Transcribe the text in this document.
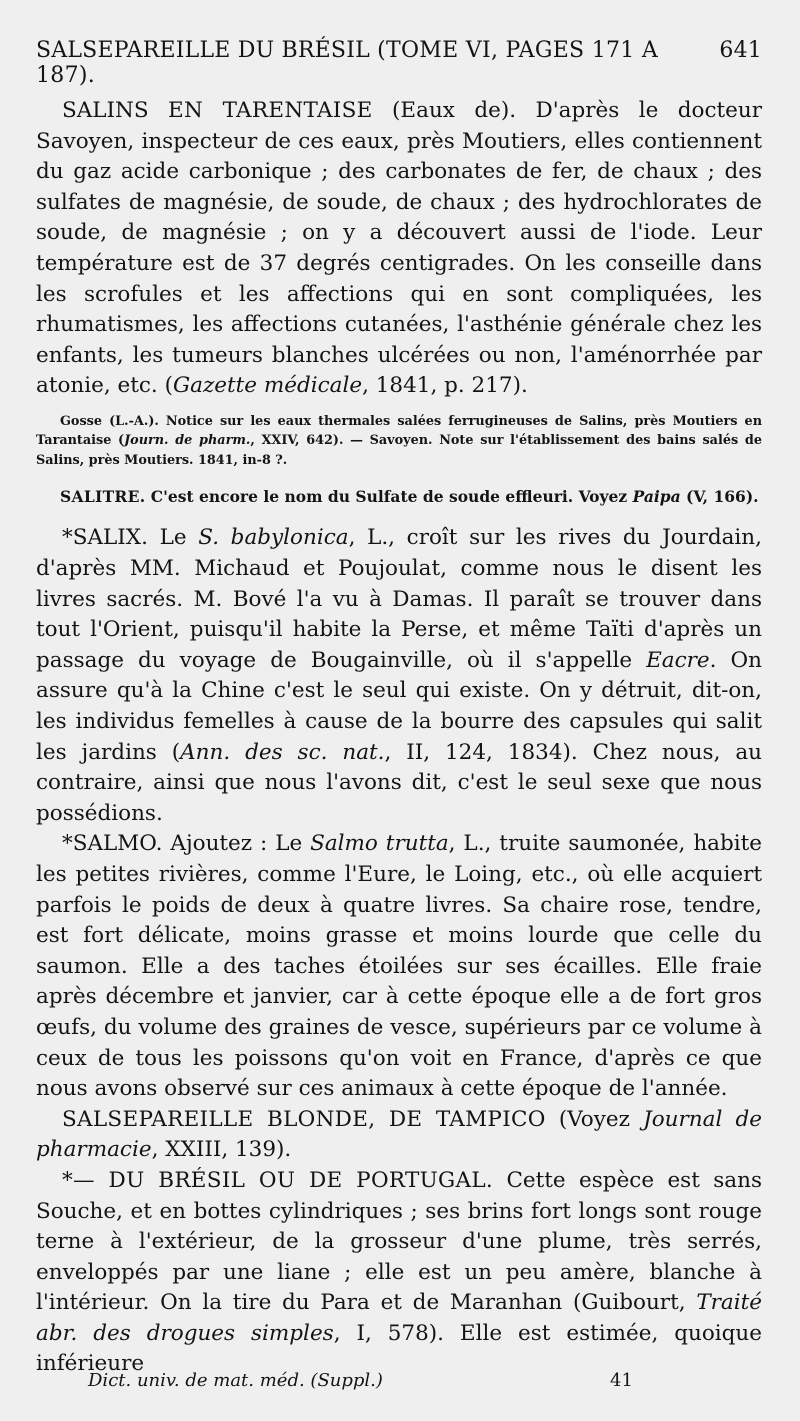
SALSEPAREILLE DU BRÉSIL (TOME VI, PAGES 171 A 187).
641

SALINS EN TARENTAISE (Eaux de). D'après le docteur Savoyen, inspecteur de ces eaux, près Moutiers, elles contiennent du gaz acide carbonique ; des carbonates de fer, de chaux ; des sulfates de magnésie, de soude, de chaux ; des hydrochlorates de soude, de magnésie ; on y a découvert aussi de l'iode. Leur température est de 37 degrés centigrades. On les conseille dans les scrofules et les affections qui en sont compliquées, les rhumatismes, les affections cutanées, l'asthénie générale chez les enfants, les tumeurs blanches ulcérées ou non, l'aménorrhée par atonie, etc. (Gazette médicale, 1841, p. 217).

Gosse (L.-A.). Notice sur les eaux thermales salées ferrugineuses de Salins, près Moutiers en Tarantaise (Journ. de pharm., XXIV, 642). — Savoyen. Note sur l'établissement des bains salés de Salins, près Moutiers. 1841, in-8 ?.

SALITRE. C'est encore le nom du Sulfate de soude effleuri. Voyez Paipa (V, 166).

*SALIX. Le S. babylonica, L., croît sur les rives du Jourdain, d'après MM. Michaud et Poujoulat, comme nous le disent les livres sacrés. M. Bové l'a vu à Damas. Il paraît se trouver dans tout l'Orient, puisqu'il habite la Perse, et même Taïti d'après un passage du voyage de Bougainville, où il s'appelle Eacre. On assure qu'à la Chine c'est le seul qui existe. On y détruit, dit-on, les individus femelles à cause de la bourre des capsules qui salit les jardins (Ann. des sc. nat., II, 124, 1834). Chez nous, au contraire, ainsi que nous l'avons dit, c'est le seul sexe que nous possédions.

*SALMO. Ajoutez : Le Salmo trutta, L., truite saumonée, habite les petites rivières, comme l'Eure, le Loing, etc., où elle acquiert parfois le poids de deux à quatre livres. Sa chaire rose, tendre, est fort délicate, moins grasse et moins lourde que celle du saumon. Elle a des taches étoilées sur ses écailles. Elle fraie après décembre et janvier, car à cette époque elle a de fort gros œufs, du volume des graines de vesce, supérieurs par ce volume à ceux de tous les poissons qu'on voit en France, d'après ce que nous avons observé sur ces animaux à cette époque de l'année.

SALSEPAREILLE BLONDE, DE TAMPICO (Voyez Journal de pharmacie, XXIII, 139).

*— DU BRÉSIL OU DE PORTUGAL. Cette espèce est sans Souche, et en bottes cylindriques ; ses brins fort longs sont rouge terne à l'extérieur, de la grosseur d'une plume, très serrés, enveloppés par une liane ; elle est un peu amère, blanche à l'intérieur. On la tire du Para et de Maranhan (Guibourt, Traité abr. des drogues simples, I, 578). Elle est estimée, quoique inférieure

Dict. univ. de mat. méd. (Suppl.)	41
